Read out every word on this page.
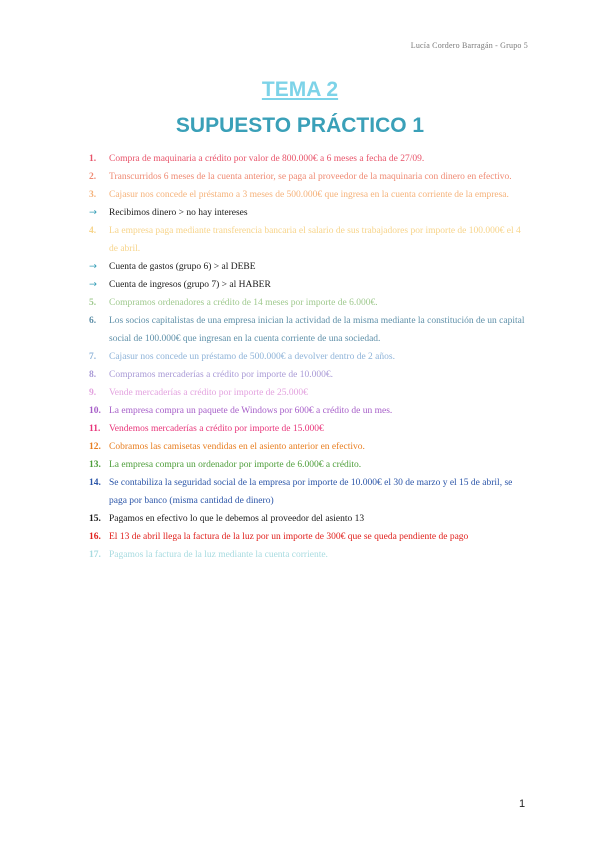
Lucía Cordero Barragán - Grupo 5
TEMA 2
SUPUESTO PRÁCTICO 1
1. Compra de maquinaria a crédito por valor de 800.000€ a 6 meses a fecha de 27/09.
2. Transcurridos 6 meses de la cuenta anterior, se paga al proveedor de la maquinaria con dinero en efectivo.
3. Cajasur nos concede el préstamo a 3 meses de 500.000€ que ingresa en la cuenta corriente de la empresa.
→ Recibimos dinero > no hay intereses
4. La empresa paga mediante transferencia bancaria el salario de sus trabajadores por importe de 100.000€ el 4 de abril.
→ Cuenta de gastos (grupo 6) > al DEBE
→ Cuenta de ingresos (grupo 7) > al HABER
5. Compramos ordenadores a crédito de 14 meses por importe de 6.000€.
6. Los socios capitalistas de una empresa inician la actividad de la misma mediante la constitución de un capital social de 100.000€ que ingresan en la cuenta corriente de una sociedad.
7. Cajasur nos concede un préstamo de 500.000€ a devolver dentro de 2 años.
8. Compramos mercaderías a crédito por importe de 10.000€.
9. Vende mercaderías a crédito por importe de 25.000€
10. La empresa compra un paquete de Windows por 600€ a crédito de un mes.
11. Vendemos mercaderías a crédito por importe de 15.000€
12. Cobramos las camisetas vendidas en el asiento anterior en efectivo.
13. La empresa compra un ordenador por importe de 6.000€ a crédito.
14. Se contabiliza la seguridad social de la empresa por importe de 10.000€ el 30 de marzo y el 15 de abril, se paga por banco (misma cantidad de dinero)
15. Pagamos en efectivo lo que le debemos al proveedor del asiento 13
16. El 13 de abril llega la factura de la luz por un importe de 300€ que se queda pendiente de pago
17. Pagamos la factura de la luz mediante la cuenta corriente.
1
